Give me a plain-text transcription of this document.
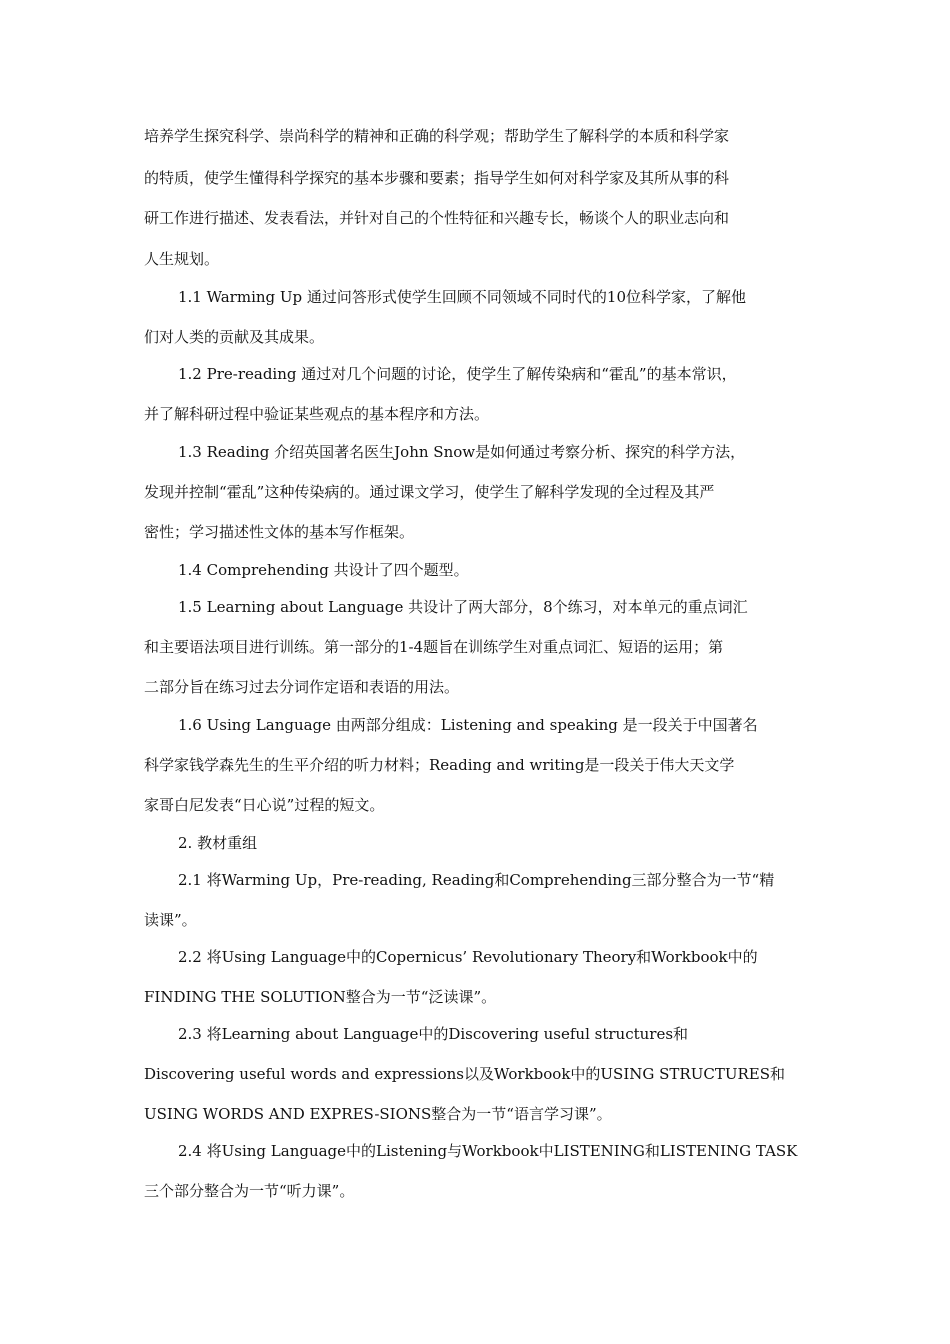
培养学生探究科学、崇尚科学的精神和正确的科学观；帮助学生了解科学的本质和科学家

的特质，使学生懂得科学探究的基本步骤和要素；指导学生如何对科学家及其所从事的科

研工作进行描述、发表看法，并针对自己的个性特征和兴趣专长，畅谈个人的职业志向和

人生规划。

1.1 Warming Up 通过问答形式使学生回顾不同领域不同时代的10位科学家，了解他

们对人类的贡献及其成果。

1.2 Pre-reading 通过对几个问题的讨论，使学生了解传染病和“霍乱”的基本常识，

并了解科研过程中验证某些观点的基本程序和方法。

1.3 Reading 介绍英国著名医生John Snow是如何通过考察分析、探究的科学方法，

发现并控制“霍乱”这种传染病的。通过课文学习，使学生了解科学发现的全过程及其严

密性；学习描述性文体的基本写作框架。

1.4 Comprehending 共设计了四个题型。

1.5 Learning about Language 共设计了两大部分，8个练习，对本单元的重点词汇

和主要语法项目进行训练。第一部分的1-4题旨在训练学生对重点词汇、短语的运用；第

二部分旨在练习过去分词作定语和表语的用法。

1.6 Using Language 由两部分组成：Listening and speaking 是一段关于中国著名

科学家钱学森先生的生平介绍的听力材料；Reading and writing是一段关于伟大天文学

家哥白尼发表“日心说”过程的短文。

2. 教材重组

2.1 将Warming Up，Pre-reading, Reading和Comprehending三部分整合为一节“精

读课”。

2.2 将Using Language中的Copernicus’ Revolutionary Theory和Workbook中的

FINDING THE SOLUTION整合为一节“泛读课”。

2.3 将Learning about Language中的Discovering useful structures和

Discovering useful words and expressions以及Workbook中的USING STRUCTURES和

USING WORDS AND EXPRES-SIONS整合为一节“语言学习课”。

2.4 将Using Language中的Listening与Workbook中LISTENING和LISTENING TASK

三个部分整合为一节“听力课”。
